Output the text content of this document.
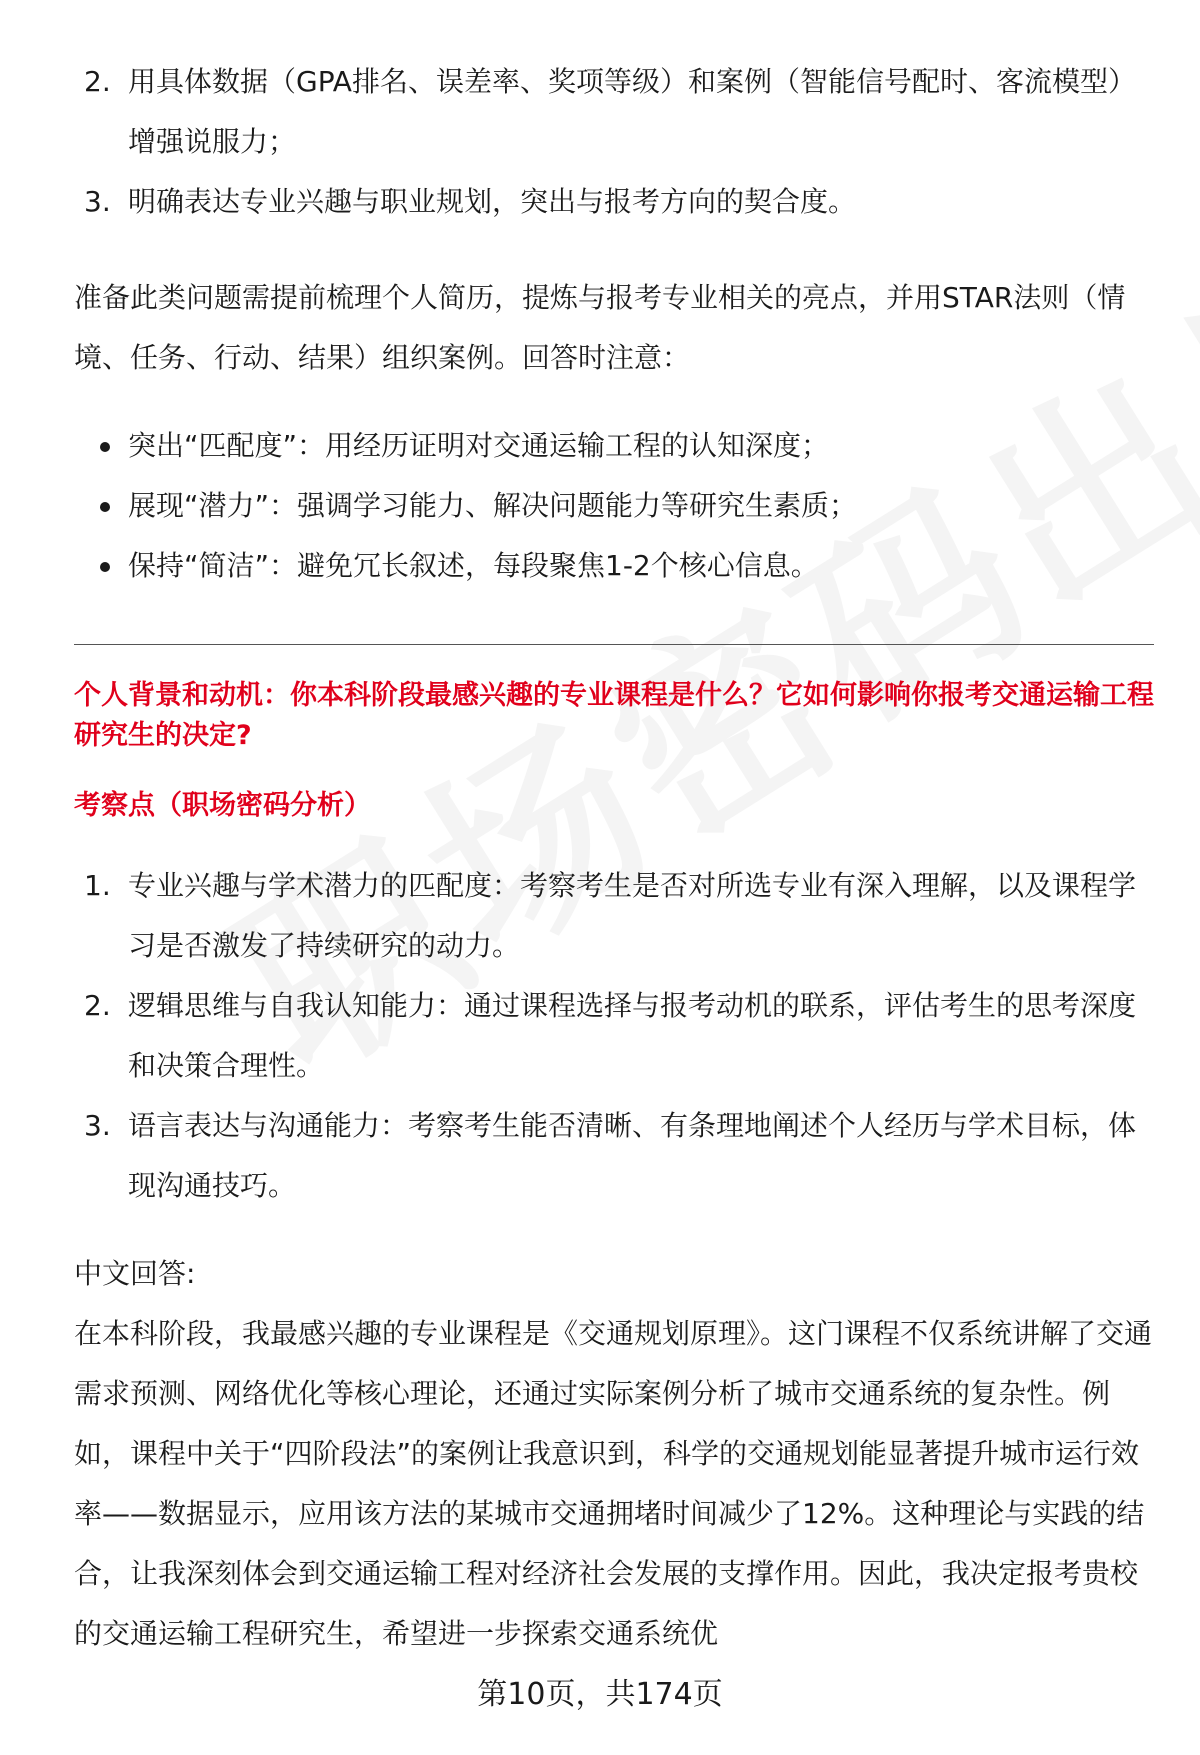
2. 用具体数据（GPA排名、误差率、奖项等级）和案例（智能信号配时、客流模型）增强说服力；
3. 明确表达专业兴趣与职业规划，突出与报考方向的契合度。
准备此类问题需提前梳理个人简历，提炼与报考专业相关的亮点，并用STAR法则（情境、任务、行动、结果）组织案例。回答时注意：
突出“匹配度”：用经历证明对交通运输工程的认知深度；
展现“潜力”：强调学习能力、解决问题能力等研究生素质；
保持“简洁”：避免冗长叙述，每段聚焦1-2个核心信息。
个人背景和动机：你本科阶段最感兴趣的专业课程是什么？它如何影响你报考交通运输工程研究生的决定?
考察点（职场密码分析）
1. 专业兴趣与学术潜力的匹配度：考察考生是否对所选专业有深入理解，以及课程学习是否激发了持续研究的动力。
2. 逻辑思维与自我认知能力：通过课程选择与报考动机的联系，评估考生的思考深度和决策合理性。
3. 语言表达与沟通能力：考察考生能否清晰、有条理地阐述个人经历与学术目标，体现沟通技巧。
中文回答:
在本科阶段，我最感兴趣的专业课程是《交通规划原理》。这门课程不仅系统讲解了交通需求预测、网络优化等核心理论，还通过实际案例分析了城市交通系统的复杂性。例如，课程中关于“四阶段法”的案例让我意识到，科学的交通规划能显著提升城市运行效率——数据显示，应用该方法的某城市交通拥堵时间减少了12%。这种理论与实践的结合，让我深刻体会到交通运输工程对经济社会发展的支撑作用。因此，我决定报考贵校的交通运输工程研究生，希望进一步探索交通系统优
第10页，共174页
